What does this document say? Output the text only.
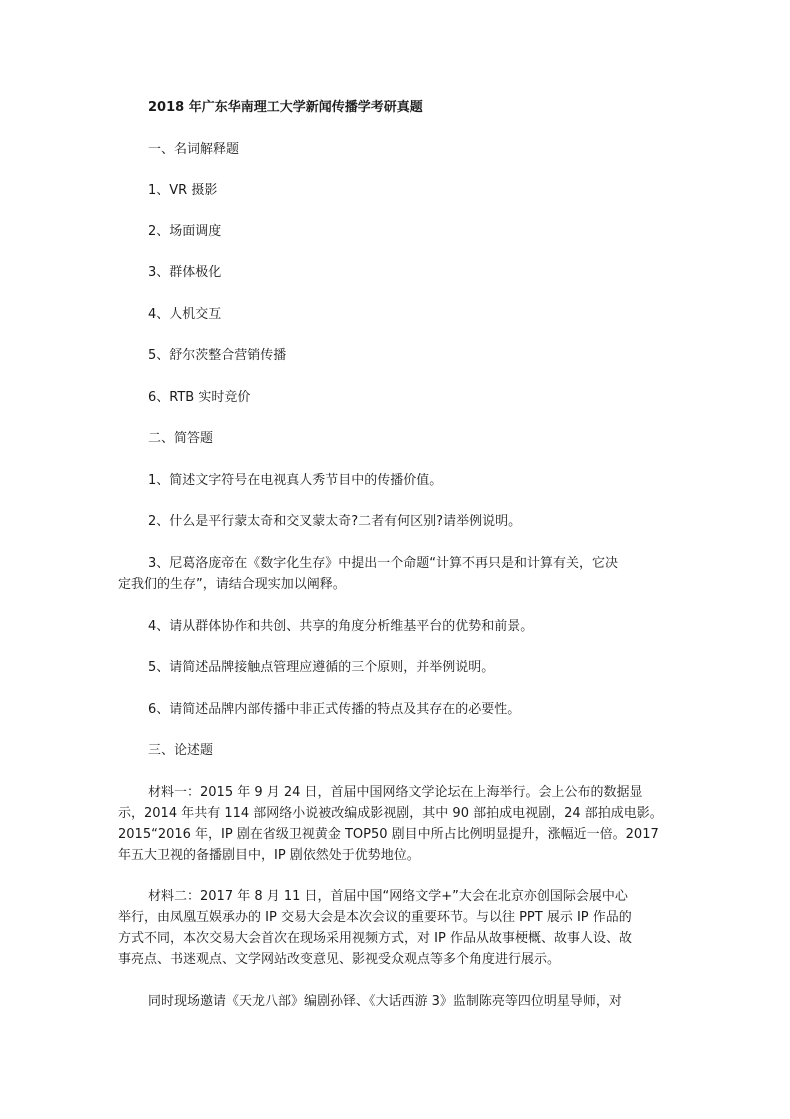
2018 年广东华南理工大学新闻传播学考研真题

一、名词解释题

1、VR 摄影

2、场面调度

3、群体极化

4、人机交互

5、舒尔茨整合营销传播

6、RTB 实时竞价

二、简答题

1、简述文字符号在电视真人秀节目中的传播价值。

2、什么是平行蒙太奇和交叉蒙太奇?二者有何区别?请举例说明。

3、尼葛洛庞帝在《数字化生存》中提出一个命题“计算不再只是和计算有关，它决

定我们的生存”，请结合现实加以阐释。

4、请从群体协作和共创、共享的角度分析维基平台的优势和前景。

5、请简述品牌接触点管理应遵循的三个原则，并举例说明。

6、请简述品牌内部传播中非正式传播的特点及其存在的必要性。

三、论述题

材料一：2015 年 9 月 24 日，首届中国网络文学论坛在上海举行。会上公布的数据显

示，2014 年共有 114 部网络小说被改编成影视剧，其中 90 部拍成电视剧，24 部拍成电影。

2015“2016 年，IP 剧在省级卫视黄金 TOP50 剧目中所占比例明显提升，涨幅近一倍。2017

年五大卫视的备播剧目中，IP 剧依然处于优势地位。

材料二：2017 年 8 月 11 日，首届中国“网络文学+”大会在北京亦创国际会展中心

举行，由凤凰互娱承办的 IP 交易大会是本次会议的重要环节。与以往 PPT 展示 IP 作品的

方式不同，本次交易大会首次在现场采用视频方式，对 IP 作品从故事梗概、故事人设、故

事亮点、书迷观点、文学网站改变意见、影视受众观点等多个角度进行展示。

同时现场邀请《天龙八部》编剧孙铎、《大话西游 3》监制陈亮等四位明星导师，对
